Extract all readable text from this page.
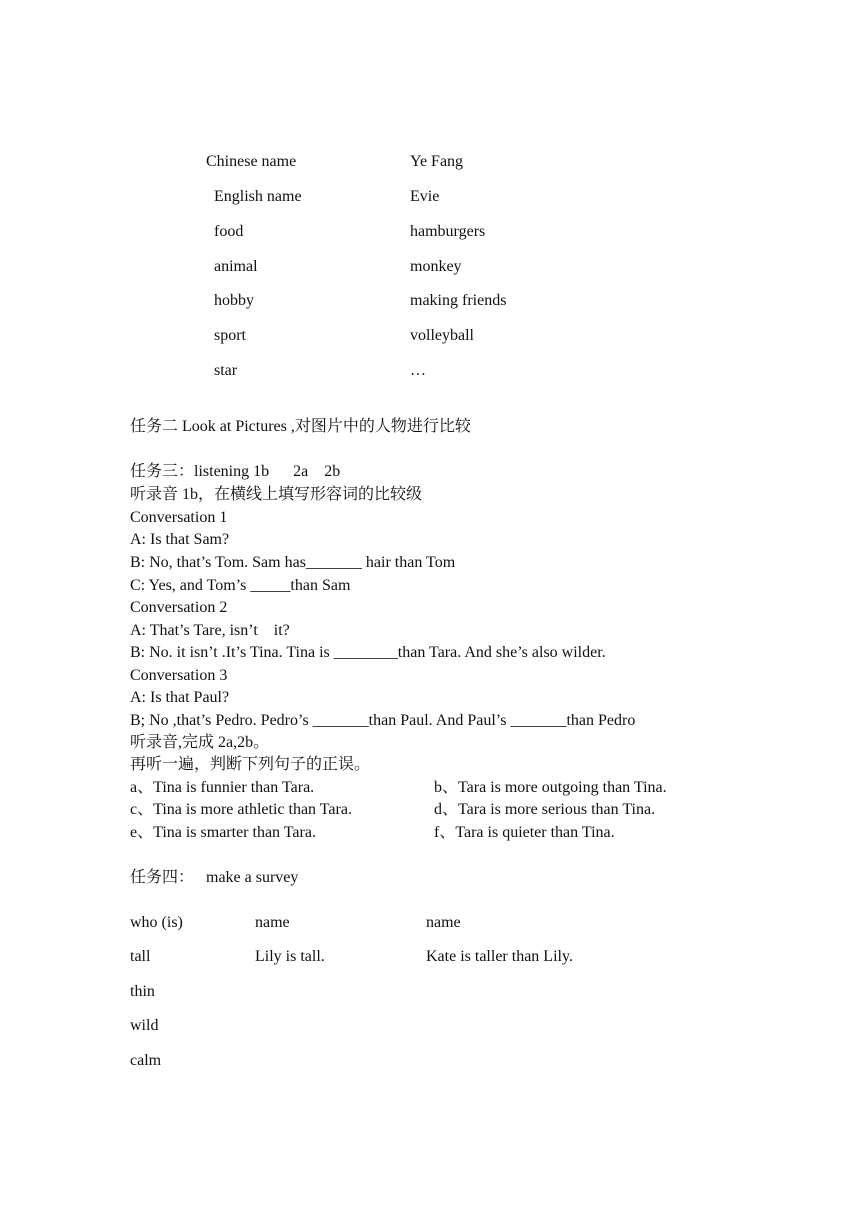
Chinese name	Ye Fang
English name	Evie
food	hamburgers
animal	monkey
hobby	making friends
sport	volleyball
star	…
任务二 Look at Pictures ,对图片中的人物进行比较
任务三：listening 1b      2a    2b
听录音 1b，在横线上填写形容词的比较级
Conversation 1
A: Is that Sam?
B: No, that’s Tom. Sam has_______ hair than Tom
C: Yes, and Tom’s _____than Sam
Conversation 2
A: That’s Tare, isn’t    it?
B: No. it isn’t .It’s Tina. Tina is ________than Tara. And she’s also wilder.
Conversation 3
A: Is that Paul?
B; No ,that’s Pedro. Pedro’s _______than Paul. And Paul’s _______than Pedro
听录音,完成 2a,2b。
再听一遍，判断下列句子的正误。
a、Tina is funnier than Tara.	b、Tara is more outgoing than Tina.
c、Tina is more athletic than Tara.	d、Tara is more serious than Tina.
e、Tina is smarter than Tara.	f、Tara is quieter than Tina.
任务四：   make a survey
who (is)	name	name
tall	Lily is tall.	Kate is taller than Lily.
thin
wild
calm
